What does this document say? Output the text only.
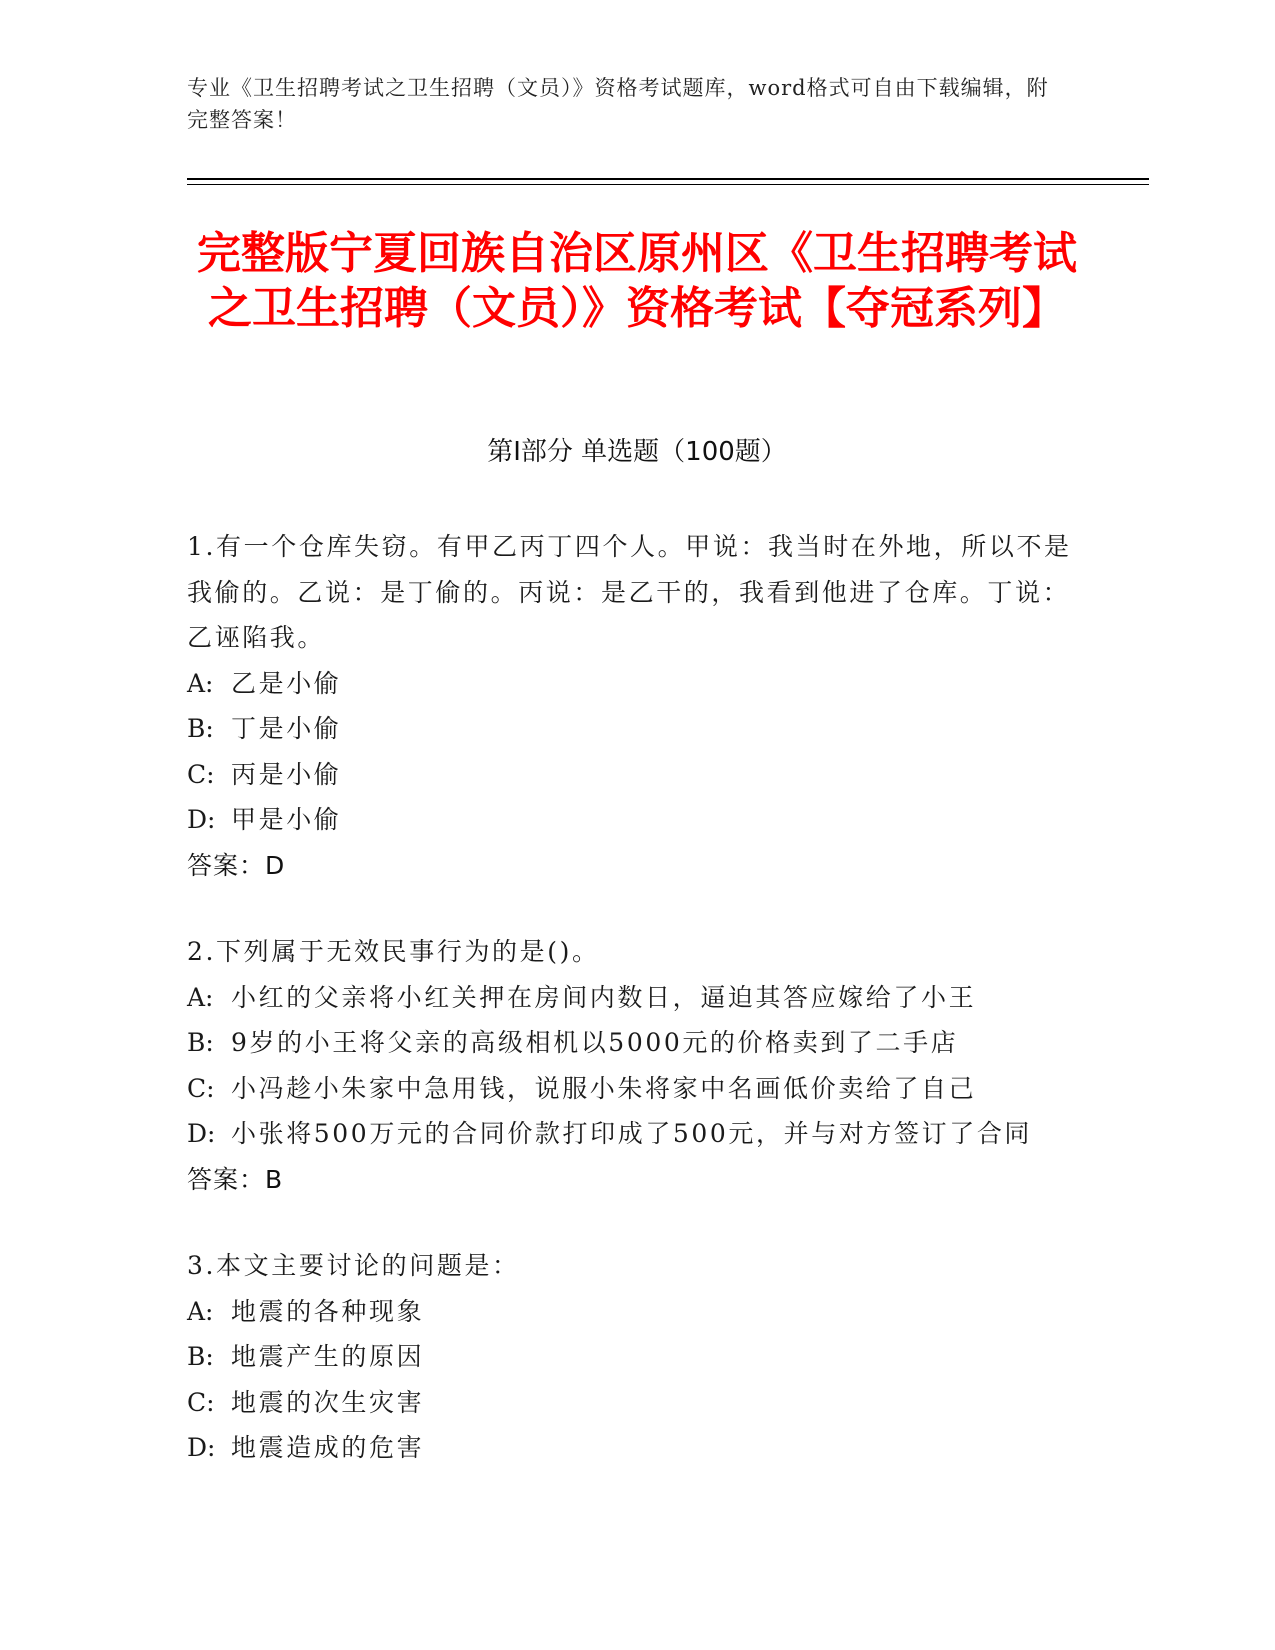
专业《卫生招聘考试之卫生招聘（文员）》资格考试题库，word格式可自由下载编辑，附完整答案！
完整版宁夏回族自治区原州区《卫生招聘考试之卫生招聘（文员）》资格考试【夺冠系列】
第Ⅰ部分 单选题（100题）
1.有一个仓库失窃。有甲乙丙丁四个人。甲说：我当时在外地，所以不是我偷的。乙说：是丁偷的。丙说：是乙干的，我看到他进了仓库。丁说：乙诬陷我。
A: 乙是小偷
B: 丁是小偷
C: 丙是小偷
D: 甲是小偷
答案：D
2.下列属于无效民事行为的是()。
A: 小红的父亲将小红关押在房间内数日，逼迫其答应嫁给了小王
B: 9岁的小王将父亲的高级相机以5000元的价格卖到了二手店
C: 小冯趁小朱家中急用钱，说服小朱将家中名画低价卖给了自己
D: 小张将500万元的合同价款打印成了500元，并与对方签订了合同
答案：B
3.本文主要讨论的问题是：
A: 地震的各种现象
B: 地震产生的原因
C: 地震的次生灾害
D: 地震造成的危害
